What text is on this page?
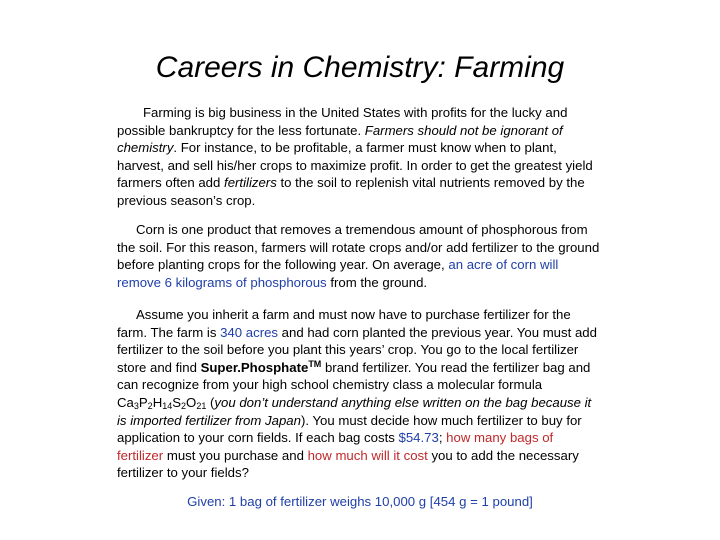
Careers in Chemistry: Farming

Farming is big business in the United States with profits for the lucky and possible bankruptcy for the less fortunate. Farmers should not be ignorant of chemistry. For instance, to be profitable, a farmer must know when to plant, harvest, and sell his/her crops to maximize profit. In order to get the greatest yield farmers often add fertilizers to the soil to replenish vital nutrients removed by the previous season’s crop.

Corn is one product that removes a tremendous amount of phosphorous from the soil. For this reason, farmers will rotate crops and/or add fertilizer to the ground before planting crops for the following year. On average, an acre of corn will remove 6 kilograms of phosphorous from the ground.

Assume you inherit a farm and must now have to purchase fertilizer for the farm. The farm is 340 acres and had corn planted the previous year. You must add fertilizer to the soil before you plant this years’ crop. You go to the local fertilizer store and find Super.Phosphate™ brand fertilizer. You read the fertilizer bag and can recognize from your high school chemistry class a molecular formula $Ca_3P_2H_{14}S_2O_{21}$ (you don’t understand anything else written on the bag because it is imported fertilizer from Japan). You must decide how much fertilizer to buy for application to your corn fields. If each bag costs $54.73; how many bags of fertilizer must you purchase and how much will it cost you to add the necessary fertilizer to your fields?

Given: 1 bag of fertilizer weighs 10,000 g [454 g = 1 pound]
